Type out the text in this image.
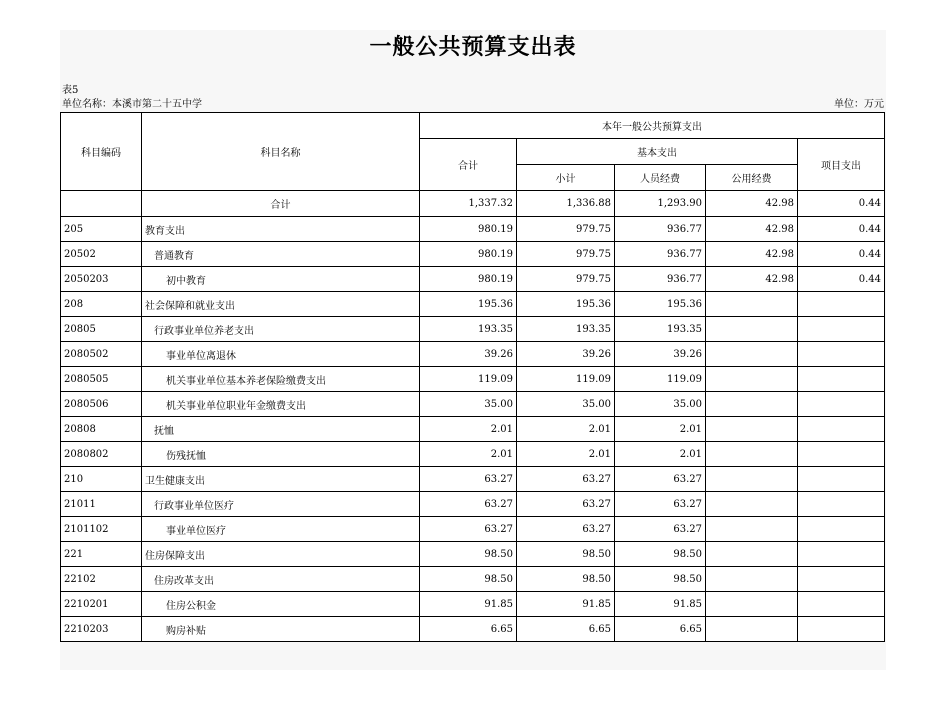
一般公共预算支出表
表5
单位名称：本溪市第二十五中学	单位：万元
科目编码	科目名称	本年一般公共预算支出				
		合计	基本支出			项目支出
			小计	人员经费	公用经费	
	合计	1,337.32	1,336.88	1,293.90	42.98	0.44
205	教育支出	980.19	979.75	936.77	42.98	0.44
20502	普通教育	980.19	979.75	936.77	42.98	0.44
2050203	初中教育	980.19	979.75	936.77	42.98	0.44
208	社会保障和就业支出	195.36	195.36	195.36		
20805	行政事业单位养老支出	193.35	193.35	193.35		
2080502	事业单位离退休	39.26	39.26	39.26		
2080505	机关事业单位基本养老保险缴费支出	119.09	119.09	119.09		
2080506	机关事业单位职业年金缴费支出	35.00	35.00	35.00		
20808	抚恤	2.01	2.01	2.01		
2080802	伤残抚恤	2.01	2.01	2.01		
210	卫生健康支出	63.27	63.27	63.27		
21011	行政事业单位医疗	63.27	63.27	63.27		
2101102	事业单位医疗	63.27	63.27	63.27		
221	住房保障支出	98.50	98.50	98.50		
22102	住房改革支出	98.50	98.50	98.50		
2210201	住房公积金	91.85	91.85	91.85		
2210203	购房补贴	6.65	6.65	6.65		
